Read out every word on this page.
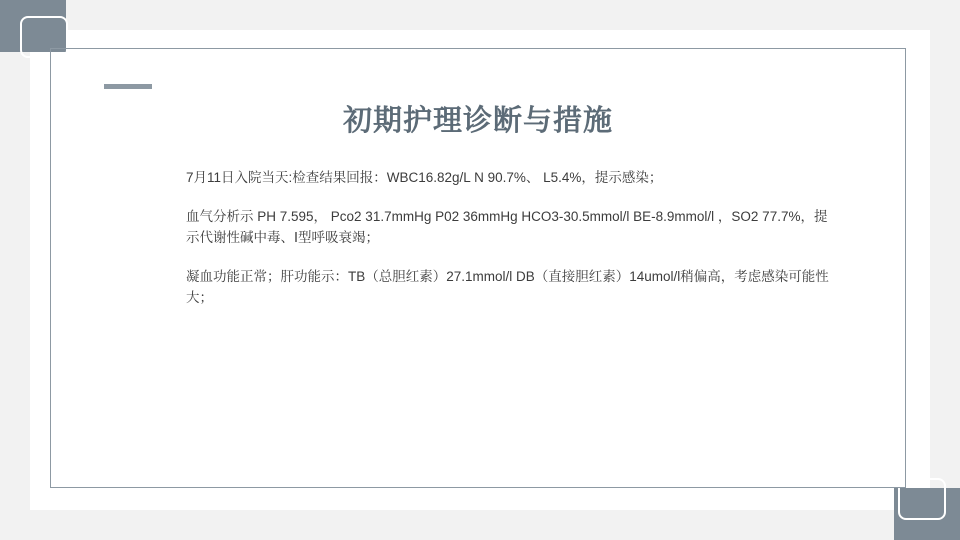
初期护理诊断与措施
7月11日入院当天:检查结果回报：WBC16.82g/L N 90.7%、 L5.4%，提示感染；
血气分析示 PH 7.595， Pco2 31.7mmHg P02 36mmHg HCO3-30.5mmol/l BE-8.9mmol/l ，SO2 77.7%，提示代谢性碱中毒、Ⅰ型呼吸衰竭；
凝血功能正常；肝功能示：TB（总胆红素）27.1mmol/l DB（直接胆红素）14umol/l稍偏高，考虑感染可能性大；
